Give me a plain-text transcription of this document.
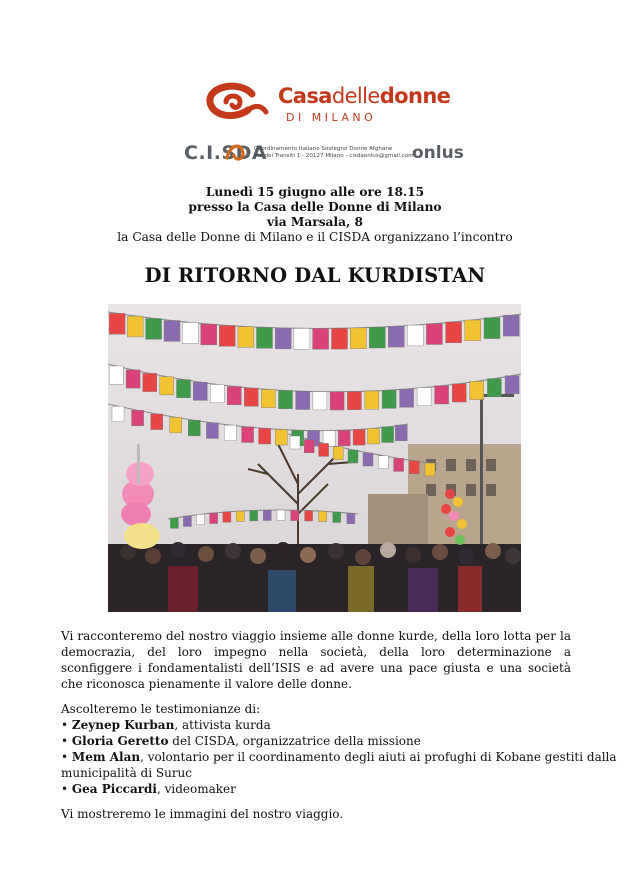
Casadelledonne
DI MILANO
C.I.SDA
Coordinamento Italiano Sostegno Donne Afghane
Via dei Transiti 1 - 20127 Milano - cisdaonlus@gmail.com
onlus
Lunedì 15 giugno alle ore 18.15
presso la Casa delle Donne di Milano
via Marsala, 8
la Casa delle Donne di Milano e il CISDA organizzano l’incontro
DI RITORNO DAL KURDISTAN
Vi racconteremo del nostro viaggio insieme alle donne kurde, della loro lotta per la democrazia, del loro impegno nella società, della loro determinazione a sconfiggere i fondamentalisti dell’ISIS e ad avere una pace giusta e una società che riconosca pienamente il valore delle donne.
Ascolteremo le testimonianze di:
• Zeynep Kurban, attivista kurda
• Gloria Geretto del CISDA, organizzatrice della missione
• Mem Alan, volontario per il coordinamento degli aiuti ai profughi di Kobane gestiti dalla
municipalità di Suruc
• Gea Piccardi, videomaker
Vi mostreremo le immagini del nostro viaggio.
